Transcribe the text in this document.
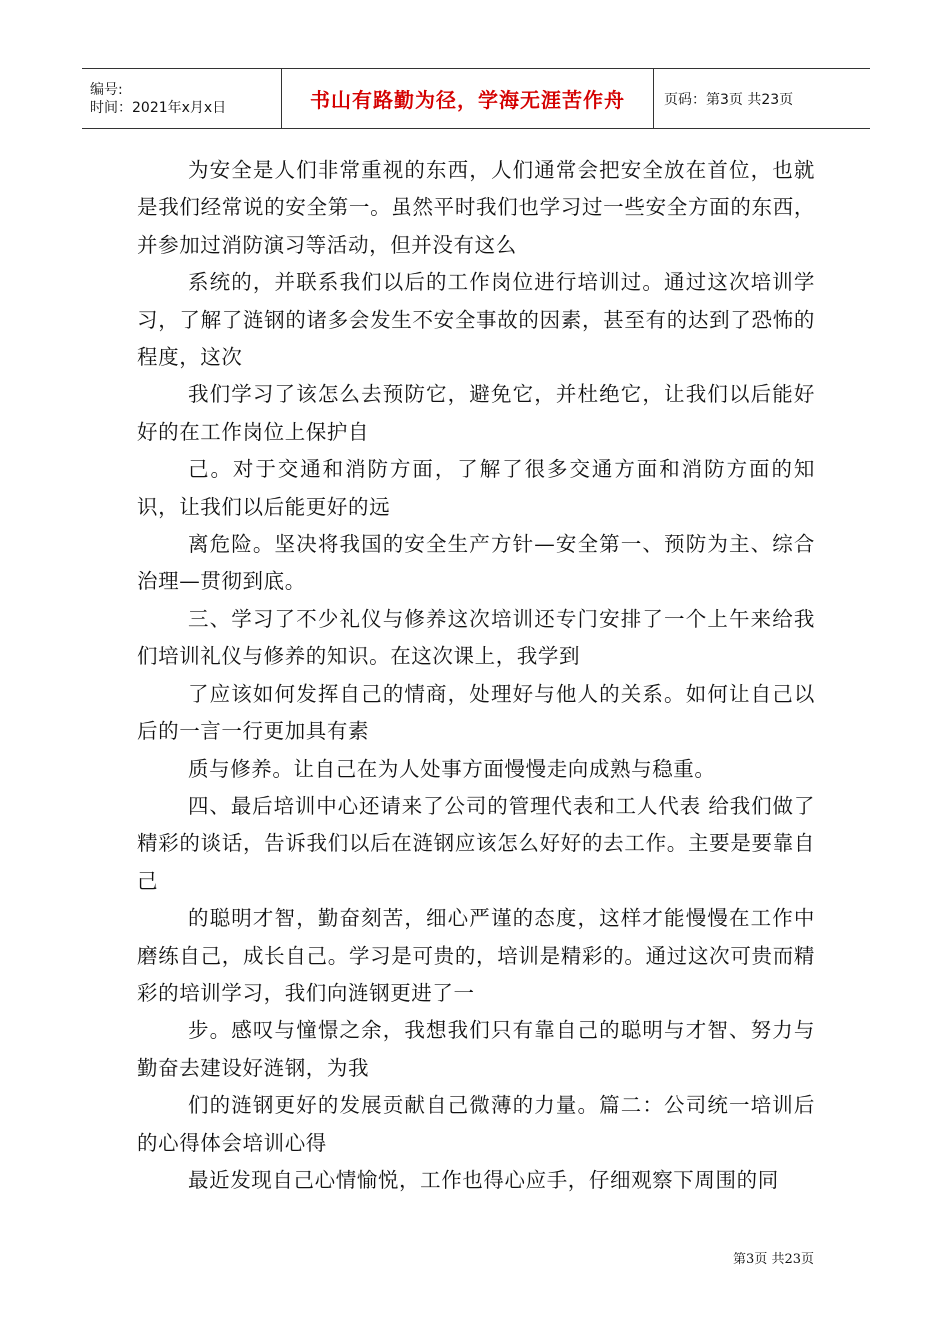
编号:
时间：2021年x月x日	书山有路勤为径，学海无涯苦作舟	页码：第3页 共23页

为安全是人们非常重视的东西，人们通常会把安全放在首位，也就是我们经常说的安全第一。虽然平时我们也学习过一些安全方面的东西，并参加过消防演习等活动，但并没有这么

系统的，并联系我们以后的工作岗位进行培训过。通过这次培训学习，了解了涟钢的诸多会发生不安全事故的因素，甚至有的达到了恐怖的程度，这次

我们学习了该怎么去预防它，避免它，并杜绝它，让我们以后能好好的在工作岗位上保护自

己。对于交通和消防方面，了解了很多交通方面和消防方面的知识，让我们以后能更好的远

离危险。坚决将我国的安全生产方针—安全第一、预防为主、综合治理—贯彻到底。

三、学习了不少礼仪与修养这次培训还专门安排了一个上午来给我们培训礼仪与修养的知识。在这次课上，我学到

了应该如何发挥自己的情商，处理好与他人的关系。如何让自己以后的一言一行更加具有素

质与修养。让自己在为人处事方面慢慢走向成熟与稳重。

四、最后培训中心还请来了公司的管理代表和工人代表 给我们做了精彩的谈话，告诉我们以后在涟钢应该怎么好好的去工作。主要是要靠自己

的聪明才智，勤奋刻苦，细心严谨的态度，这样才能慢慢在工作中磨练自己，成长自己。学习是可贵的，培训是精彩的。通过这次可贵而精彩的培训学习，我们向涟钢更进了一

步。感叹与憧憬之余，我想我们只有靠自己的聪明与才智、努力与勤奋去建设好涟钢，为我

们的涟钢更好的发展贡献自己微薄的力量。篇二：公司统一培训后的心得体会培训心得

最近发现自己心情愉悦，工作也得心应手，仔细观察下周围的同

第3页 共23页
